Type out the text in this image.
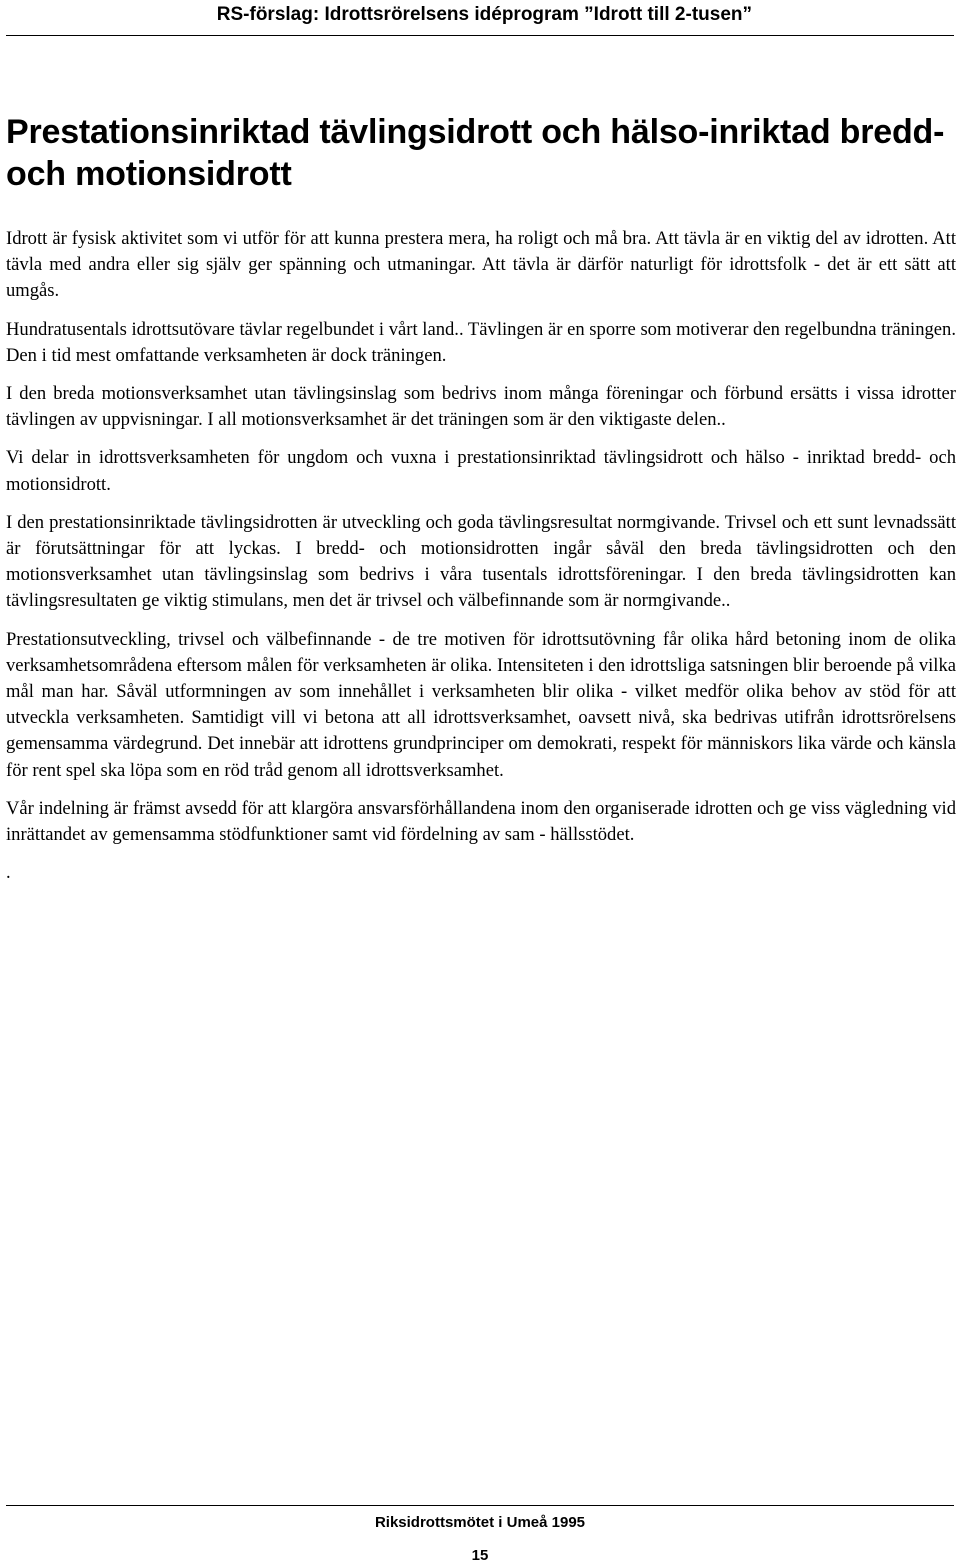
RS-förslag: Idrottsrörelsens idéprogram ”Idrott till 2-tusen”
Prestationsinriktad tävlingsidrott och hälso-inriktad bredd- och motionsidrott

Idrott är fysisk aktivitet som vi utför för att kunna prestera mera, ha roligt och må bra. Att tävla är en viktig del av idrotten. Att tävla med andra eller sig själv ger spänning och utmaningar. Att tävla är därför naturligt för idrottsfolk - det är ett sätt att umgås.

Hundratusentals idrottsutövare tävlar regelbundet i vårt land.. Tävlingen är en sporre som motiverar den regelbundna träningen. Den i tid mest omfattande verksamheten är dock träningen.

I den breda motionsverksamhet utan tävlingsinslag som bedrivs inom många föreningar och förbund ersätts i vissa idrotter tävlingen av uppvisningar. I all motionsverksamhet är det träningen som är den viktigaste delen..

Vi delar in idrottsverksamheten för ungdom och vuxna i prestationsinriktad tävlingsidrott och hälso - inriktad bredd- och motionsidrott.

I den prestationsinriktade tävlingsidrotten är utveckling och goda tävlingsresultat normgivande. Trivsel och ett sunt levnadssätt är förutsättningar för att lyckas. I bredd- och motionsidrotten ingår såväl den breda tävlingsidrotten och den motionsverksamhet utan tävlingsinslag som bedrivs i våra tusentals idrottsföreningar. I den breda tävlingsidrotten kan tävlingsresultaten ge viktig stimulans, men det är trivsel och välbefinnande som är normgivande..

Prestationsutveckling, trivsel och välbefinnande - de tre motiven för idrottsutövning får olika hård betoning inom de olika verksamhetsområdena eftersom målen för verksamheten är olika. Intensiteten i den idrottsliga satsningen blir beroende på vilka mål man har. Såväl utformningen av som innehållet i verksamheten blir olika - vilket medför olika behov av stöd för att utveckla verksamheten. Samtidigt vill vi betona att all idrottsverksamhet, oavsett nivå, ska bedrivas utifrån idrottsrörelsens gemensamma värdegrund. Det innebär att idrottens grundprinciper om demokrati, respekt för människors lika värde och känsla för rent spel ska löpa som en röd tråd genom all idrottsverksamhet.

Vår indelning är främst avsedd för att klargöra ansvarsförhållandena inom den organiserade idrotten och ge viss vägledning vid inrättandet av gemensamma stödfunktioner samt vid fördelning av sam - hällsstödet.

.

Riksidrottsmötet i Umeå 1995
15
